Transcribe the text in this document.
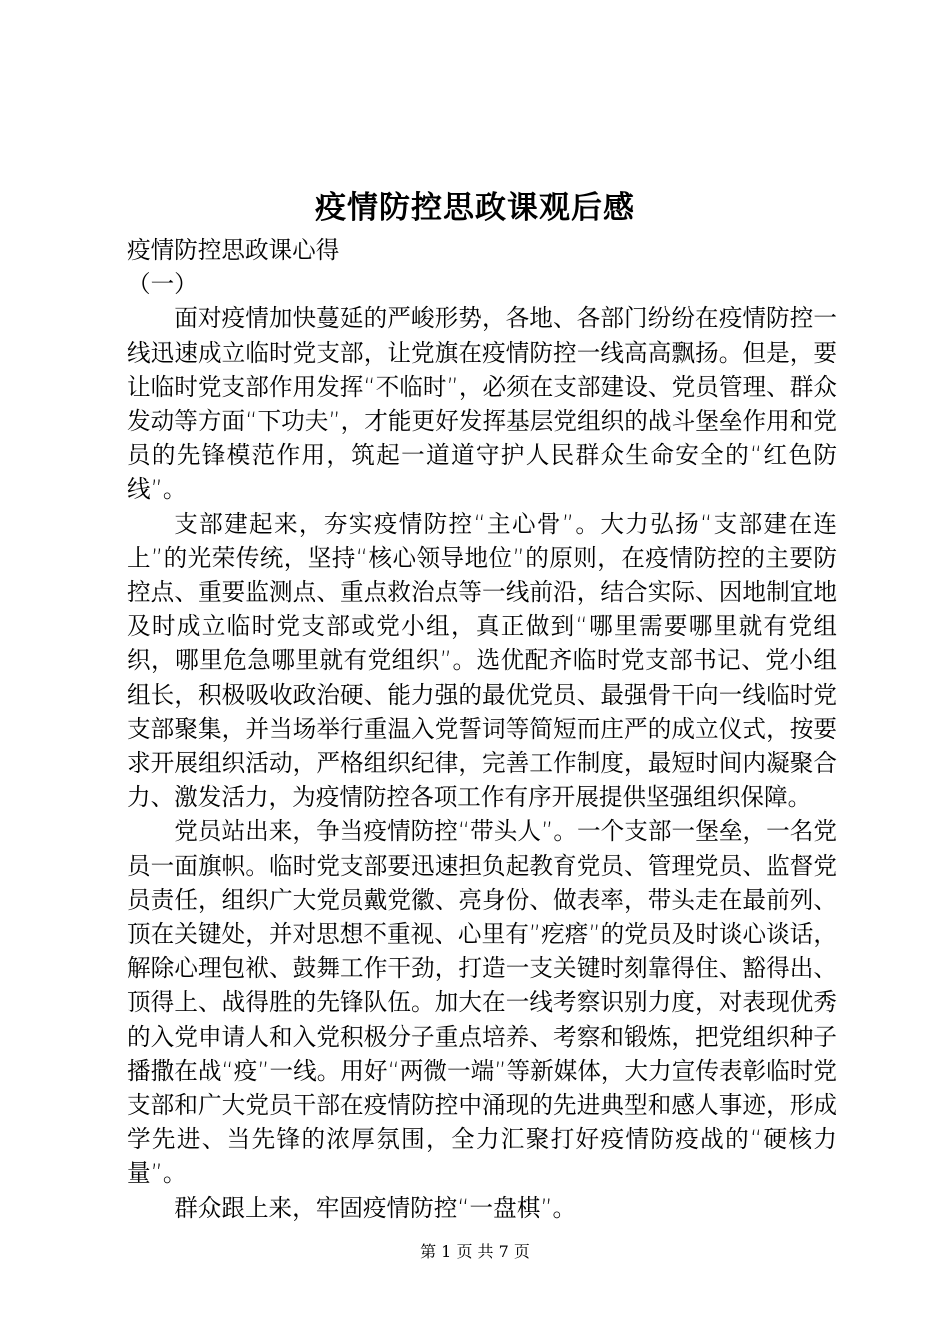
疫情防控思政课观后感

疫情防控思政课心得

（一）

面对疫情加快蔓延的严峻形势，各地、各部门纷纷在疫情防控一线迅速成立临时党支部，让党旗在疫情防控一线高高飘扬。但是，要让临时党支部作用发挥“不临时”，必须在支部建设、党员管理、群众发动等方面“下功夫”，才能更好发挥基层党组织的战斗堡垒作用和党员的先锋模范作用，筑起一道道守护人民群众生命安全的“红色防线”。

支部建起来，夯实疫情防控“主心骨”。大力弘扬“支部建在连上”的光荣传统，坚持“核心领导地位”的原则，在疫情防控的主要防控点、重要监测点、重点救治点等一线前沿，结合实际、因地制宜地及时成立临时党支部或党小组，真正做到“哪里需要哪里就有党组织，哪里危急哪里就有党组织”。选优配齐临时党支部书记、党小组组长，积极吸收政治硬、能力强的最优党员、最强骨干向一线临时党支部聚集，并当场举行重温入党誓词等简短而庄严的成立仪式，按要求开展组织活动，严格组织纪律，完善工作制度，最短时间内凝聚合力、激发活力，为疫情防控各项工作有序开展提供坚强组织保障。

党员站出来，争当疫情防控“带头人”。一个支部一堡垒，一名党员一面旗帜。临时党支部要迅速担负起教育党员、管理党员、监督党员责任，组织广大党员戴党徽、亮身份、做表率，带头走在最前列、顶在关键处，并对思想不重视、心里有”疙瘩”的党员及时谈心谈话，解除心理包袱、鼓舞工作干劲，打造一支关键时刻靠得住、豁得出、顶得上、战得胜的先锋队伍。加大在一线考察识别力度，对表现优秀的入党申请人和入党积极分子重点培养、考察和锻炼，把党组织种子播撒在战“疫”一线。用好“两微一端”等新媒体，大力宣传表彰临时党支部和广大党员干部在疫情防控中涌现的先进典型和感人事迹，形成学先进、当先锋的浓厚氛围，全力汇聚打好疫情防疫战的“硬核力量”。

群众跟上来，牢固疫情防控“一盘棋”。

第 1 页 共 7 页
